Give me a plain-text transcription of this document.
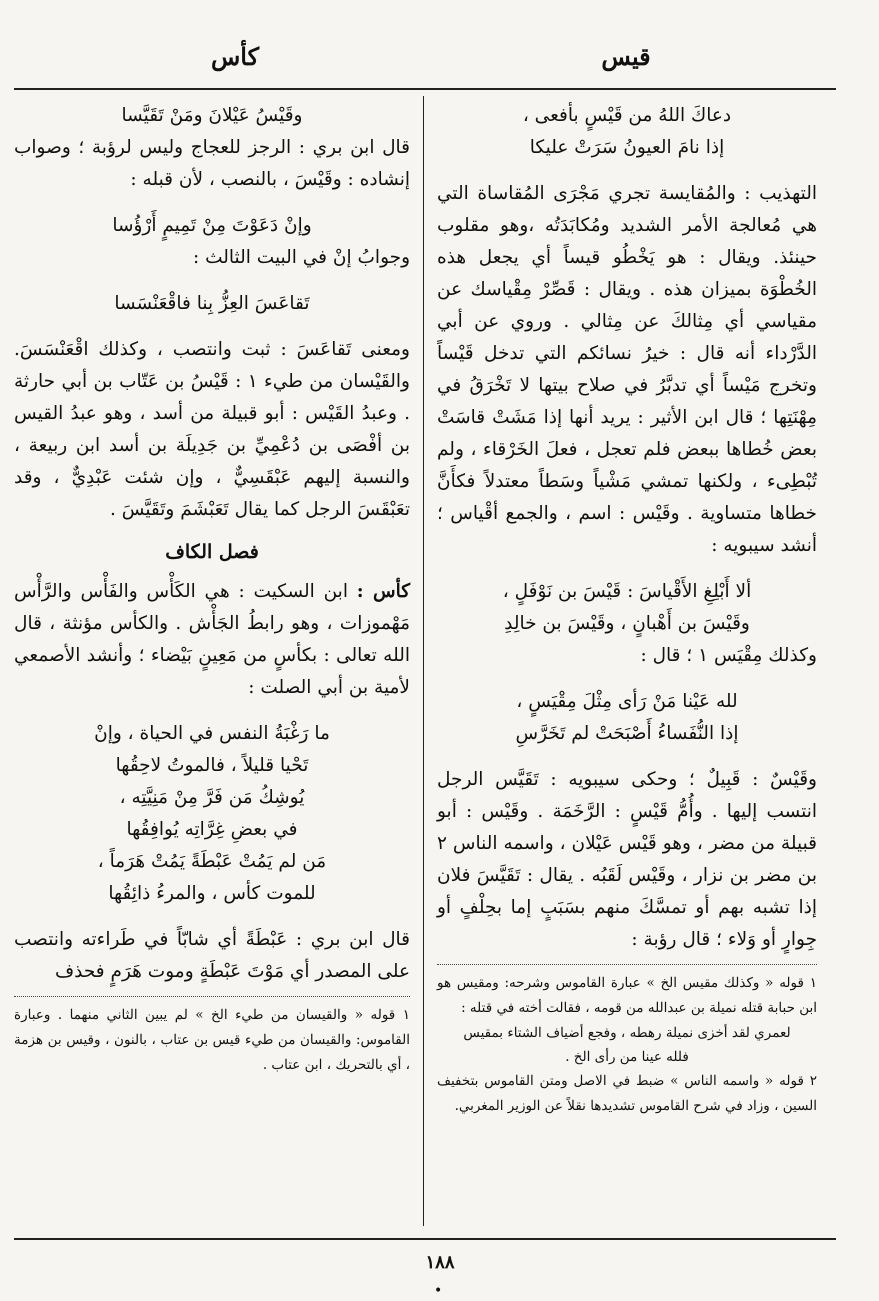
قيس
كأس

دعاكَ اللهُ من قَيْسٍ بأفعى ،

إذا نامَ العيونُ سَرَتْ عليكا

التهذيب : والمُقايسة تجري مَجْرَى المُقاساة التي هي مُعالجة الأمر الشديد ومُكابَدَتُه ،وهو مقلوب حينئذ. ويقال : هو يَخْطُو قيساً أي يجعل هذه الخُطْوَة بميزان هذه . ويقال : قَصِّرْ مِقْياسك عن مقياسي أي مِثالكَ عن مِثالي . وروي عن أبي الدَّرْداء أنه قال : خيرُ نسائكم التي تدخل قَيْساً وتخرج مَيْساً أي تدبَّرُ في صلاح بيتها لا تَخْرَقُ في مِهْنَتِها ؛ قال ابن الأثير : يريد أنها إذا مَشَتْ قاسَتْ بعض خُطاها ببعض فلم تعجل ، فعلَ الخَرْقاء ، ولم تُبْطِىء ، ولكنها تمشي مَشْياً وسَطاً معتدلاً فكأَنَّ خطاها متساوية . وقَيْس : اسم ، والجمع أقْياس ؛ أنشد سيبويه :

ألا أَبْلِغِ الأَقْياسَ : قَيْسَ بن نَوْفَلٍ ،

وقَيْسَ بن أَهْبانٍ ، وقَيْسَ بن خالِدِ

وكذلك مِقْيَس ١ ؛ قال :

لله عَيْنا مَنْ رَأى مِثْلَ مِقْيَسٍ ،

إذا النُّفَساءُ أَصْبَحَتْ لم تَخَرَّسِ

وقَيْسٌ : قَبِيلٌ ؛ وحكى سيبويه : تَقَيَّس الرجل انتسب إليها . وأُمُّ قَيْسٍ : الرَّخَمَة . وقَيْس : أبو قبيلة من مضر ، وهو قَيْس عَيْلان ، واسمه الناس ٢ بن مضر بن نزار ، وقَيْس لَقَبُه . يقال : تَقَيَّسَ فلان إذا تشبه بهم أو تمسَّكَ منهم بسَبَبٍ إما بحِلْفٍ أو جِوارٍ أو وَلاء ؛ قال رؤبة :

١ قوله « وكذلك مقيس الخ » عبارة القاموس وشرحه: ومقيس هو ابن حبابة قتله نميلة بن عبدالله من قومه ، فقالت أخته في قتله :

لعمري لقد أخزى نميلة رهطه ، وفجع أضياف الشتاء بمقيس

فلله عينا من رأى الخ .

٢ قوله « واسمه الناس » ضبط في الاصل ومتن القاموس بتخفيف السين ، وزاد في شرح القاموس تشديدها نقلاً عن الوزير المغربي.

وقَيْسُ عَيْلانَ ومَنْ تَقَيَّسا

قال ابن بري : الرجز للعجاج وليس لرؤبة ؛ وصواب إنشاده : وقَيْسَ ، بالنصب ، لأن قبله :

وإنْ دَعَوْتَ مِنْ تَمِيمٍ أَرْؤُسا

وجوابُ إنْ في البيت الثالث :

تَقاعَسَ العِزُّ بِنا فاقْعَنْسَسا

ومعنى تَقاعَسَ : ثبت وانتصب ، وكذلك اقْعَنْسَسَ. والقَيْسان من طيء ١ : قَيْسُ بن عَتّاب بن أبي حارثة . وعبدُ القَيْس : أبو قبيلة من أسد ، وهو عبدُ القيس بن أفْصَى بن دُعْمِيِّ بن جَدِيلَة بن أسد ابن ربيعة ، والنسبة إليهم عَبْقَسِيٌّ ، وإن شئت عَبْدِيٌّ ، وقد تعَبْقَسَ الرجل كما يقال تَعَبْشَمَ وتَقَيَّسَ .

فصل الكاف

كأس : ابن السكيت : هي الكَأْس والفَأْس والرَّأْس مَهْموزات ، وهو رابطُ الجَأْش . والكأس مؤنثة ، قال الله تعالى : بكأسٍ من مَعِينٍ بَيْضاء ؛ وأنشد الأصمعي لأمية بن أبي الصلت :

ما رَغْبَةُ النفس في الحياة ، وإنْ

تَحْيا قليلاً ، فالموتُ لاحِقُها

يُوشِكُ مَن فَرَّ مِنْ مَنِيَّتِه ،

في بعضِ غِرَّاتِه يُوافِقُها

مَن لم يَمُتْ عَبْطَةً يَمُتْ هَرَماً ،

للموت كأس ، والمرءُ ذائِقُها

قال ابن بري : عَبْطَةً أي شابّاً في طَراءته وانتصب على المصدر أي مَوْتَ عَبْطَةٍ وموت هَرَمٍ فحذف

١ قوله « والقيسان من طيء الخ » لم يبين الثاني منهما . وعبارة القاموس: والقيسان من طيء قيس بن عتاب ، بالنون ، وقيس بن هزمة ، أي بالتحريك ، ابن عتاب .

١٨٨
•
